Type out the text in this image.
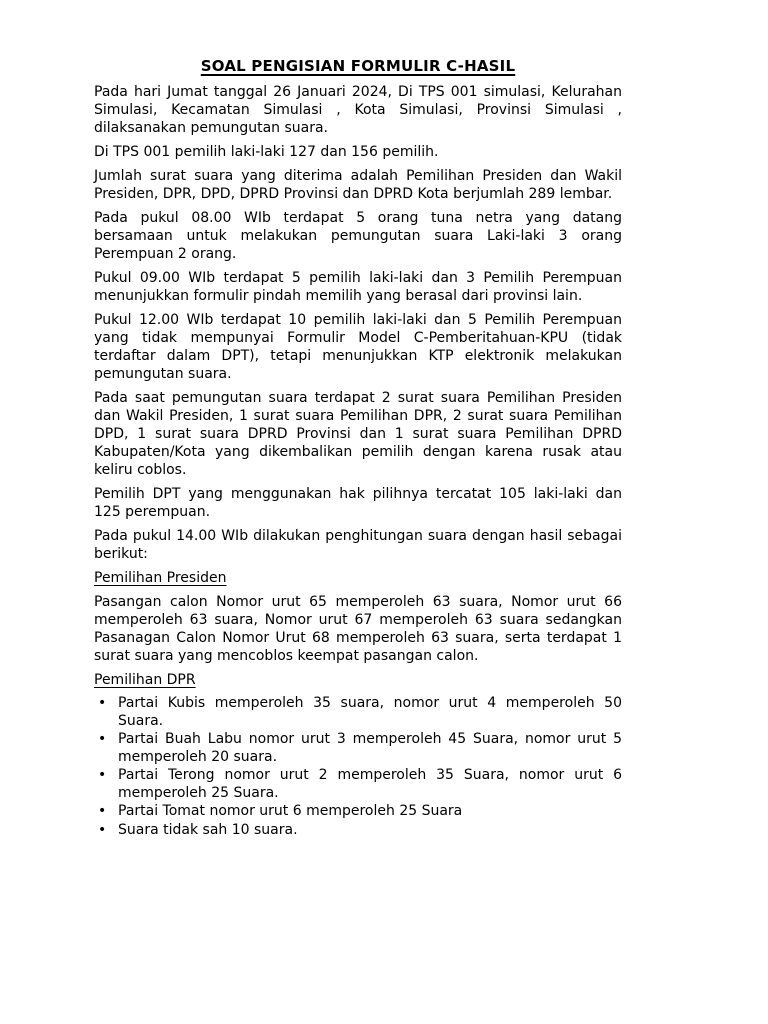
SOAL PENGISIAN FORMULIR C-HASIL

Pada hari Jumat tanggal 26 Januari 2024, Di TPS 001 simulasi, Kelurahan Simulasi, Kecamatan Simulasi , Kota Simulasi, Provinsi Simulasi , dilaksanakan pemungutan suara.

Di TPS 001 pemilih laki-laki 127 dan 156 pemilih.

Jumlah surat suara yang diterima adalah Pemilihan Presiden dan Wakil Presiden, DPR, DPD, DPRD Provinsi dan DPRD Kota berjumlah 289 lembar.

Pada pukul 08.00 WIb terdapat 5 orang tuna netra yang datang bersamaan untuk melakukan pemungutan suara Laki-laki 3 orang Perempuan 2 orang.

Pukul 09.00 WIb terdapat 5 pemilih laki-laki dan 3 Pemilih Perempuan menunjukkan formulir pindah memilih yang berasal dari provinsi lain.

Pukul 12.00 WIb terdapat 10 pemilih laki-laki dan 5 Pemilih Perempuan yang tidak mempunyai Formulir Model C-Pemberitahuan-KPU (tidak terdaftar dalam DPT), tetapi menunjukkan KTP elektronik melakukan pemungutan suara.

Pada saat pemungutan suara terdapat 2 surat suara Pemilihan Presiden dan Wakil Presiden, 1 surat suara Pemilihan DPR, 2 surat suara Pemilihan DPD, 1 surat suara DPRD Provinsi dan 1 surat suara Pemilihan DPRD Kabupaten/Kota yang dikembalikan pemilih dengan karena rusak atau keliru coblos.

Pemilih DPT yang menggunakan hak pilihnya tercatat 105 laki-laki dan 125 perempuan.

Pada pukul 14.00 WIb dilakukan penghitungan suara dengan hasil sebagai berikut:

Pemilihan Presiden

Pasangan calon Nomor urut 65 memperoleh 63 suara, Nomor urut 66 memperoleh 63 suara, Nomor urut 67 memperoleh 63 suara sedangkan Pasanagan Calon Nomor Urut 68 memperoleh 63 suara, serta terdapat 1 surat suara yang mencoblos keempat pasangan calon.

Pemilihan DPR
• Partai Kubis memperoleh 35 suara, nomor urut 4 memperoleh 50 Suara.
• Partai Buah Labu nomor urut 3 memperoleh 45 Suara, nomor urut 5 memperoleh 20 suara.
• Partai Terong nomor urut 2 memperoleh 35 Suara, nomor urut 6 memperoleh 25 Suara.
• Partai Tomat nomor urut 6 memperoleh 25 Suara
• Suara tidak sah 10 suara.
